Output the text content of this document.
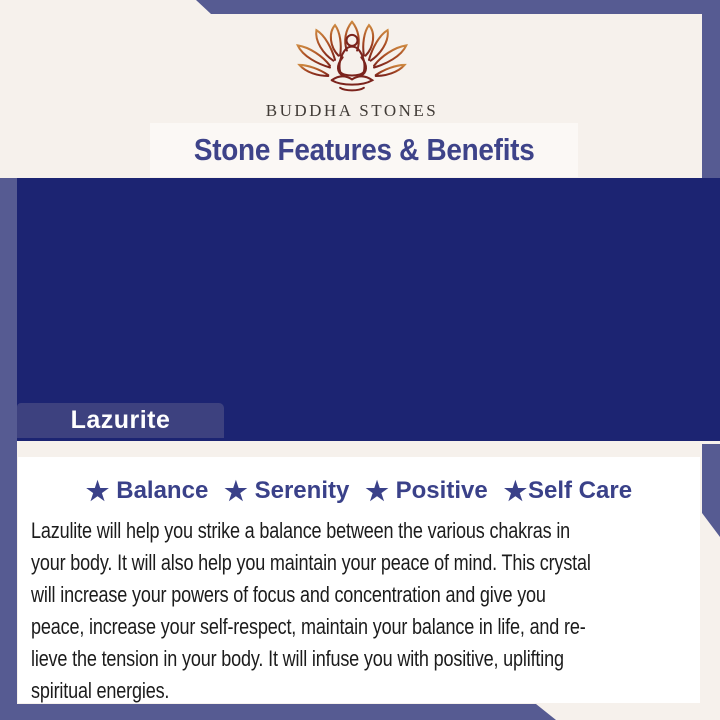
BUDDHA STONES
Stone Features & Benefits
Lazurite
★ Balance ★ Serenity ★ Positive ★ Self Care
Lazulite will help you strike a balance between the various chakras in
your body. It will also help you maintain your peace of mind. This crystal
will increase your powers of focus and concentration and give you
peace, increase your self-respect, maintain your balance in life, and re-
lieve the tension in your body. It will infuse you with positive, uplifting
spiritual energies.
